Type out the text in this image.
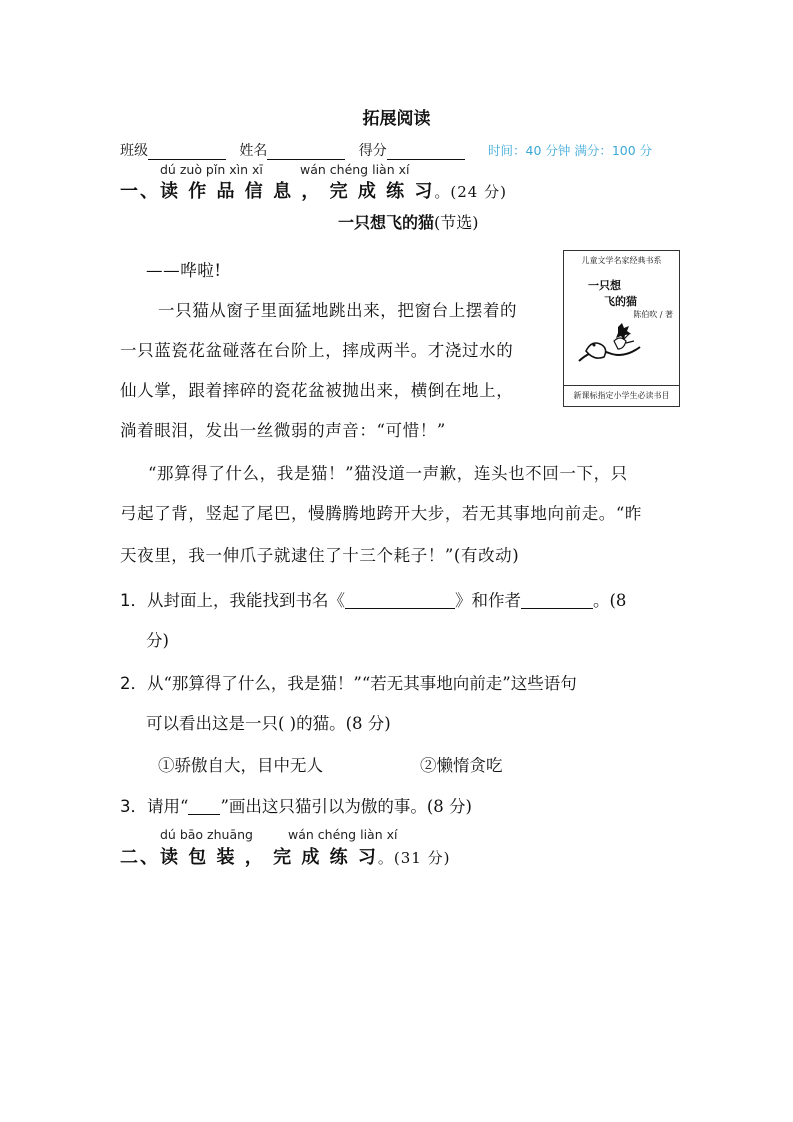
拓展阅读
班级	姓名	得分	时间：40 分钟 满分：100 分
dú zuò pǐn xìn xī	wán chéng liàn xí
一、读 作 品 信 息 ， 完 成 练 习。(24 分)
一只想飞的猫(节选)
儿童文学名家经典书系
一只想
飞的猫
陈伯吹 / 著
新课标指定小学生必读书目
——哗啦!
一只猫从窗子里面猛地跳出来，把窗台上摆着的
一只蓝瓷花盆碰落在台阶上，摔成两半。才浇过水的
仙人掌，跟着摔碎的瓷花盆被抛出来，横倒在地上，
淌着眼泪，发出一丝微弱的声音：“可惜！”
“那算得了什么，我是猫！”猫没道一声歉，连头也不回一下，只
弓起了背，竖起了尾巴，慢腾腾地跨开大步，若无其事地向前走。“昨
天夜里，我一伸爪子就逮住了十三个耗子！”(有改动)
1．从封面上，我能找到书名《	》和作者	。(8
分)
2．从“那算得了什么，我是猫！”“若无其事地向前走”这些语句
可以看出这是一只( )的猫。(8 分)
①骄傲自大，目中无人	②懒惰贪吃
3．请用“ ”画出这只猫引以为傲的事。(8 分)
dú bāo zhuāng	wán chéng liàn xí
二、读 包 装 ， 完 成 练 习。(31 分)
